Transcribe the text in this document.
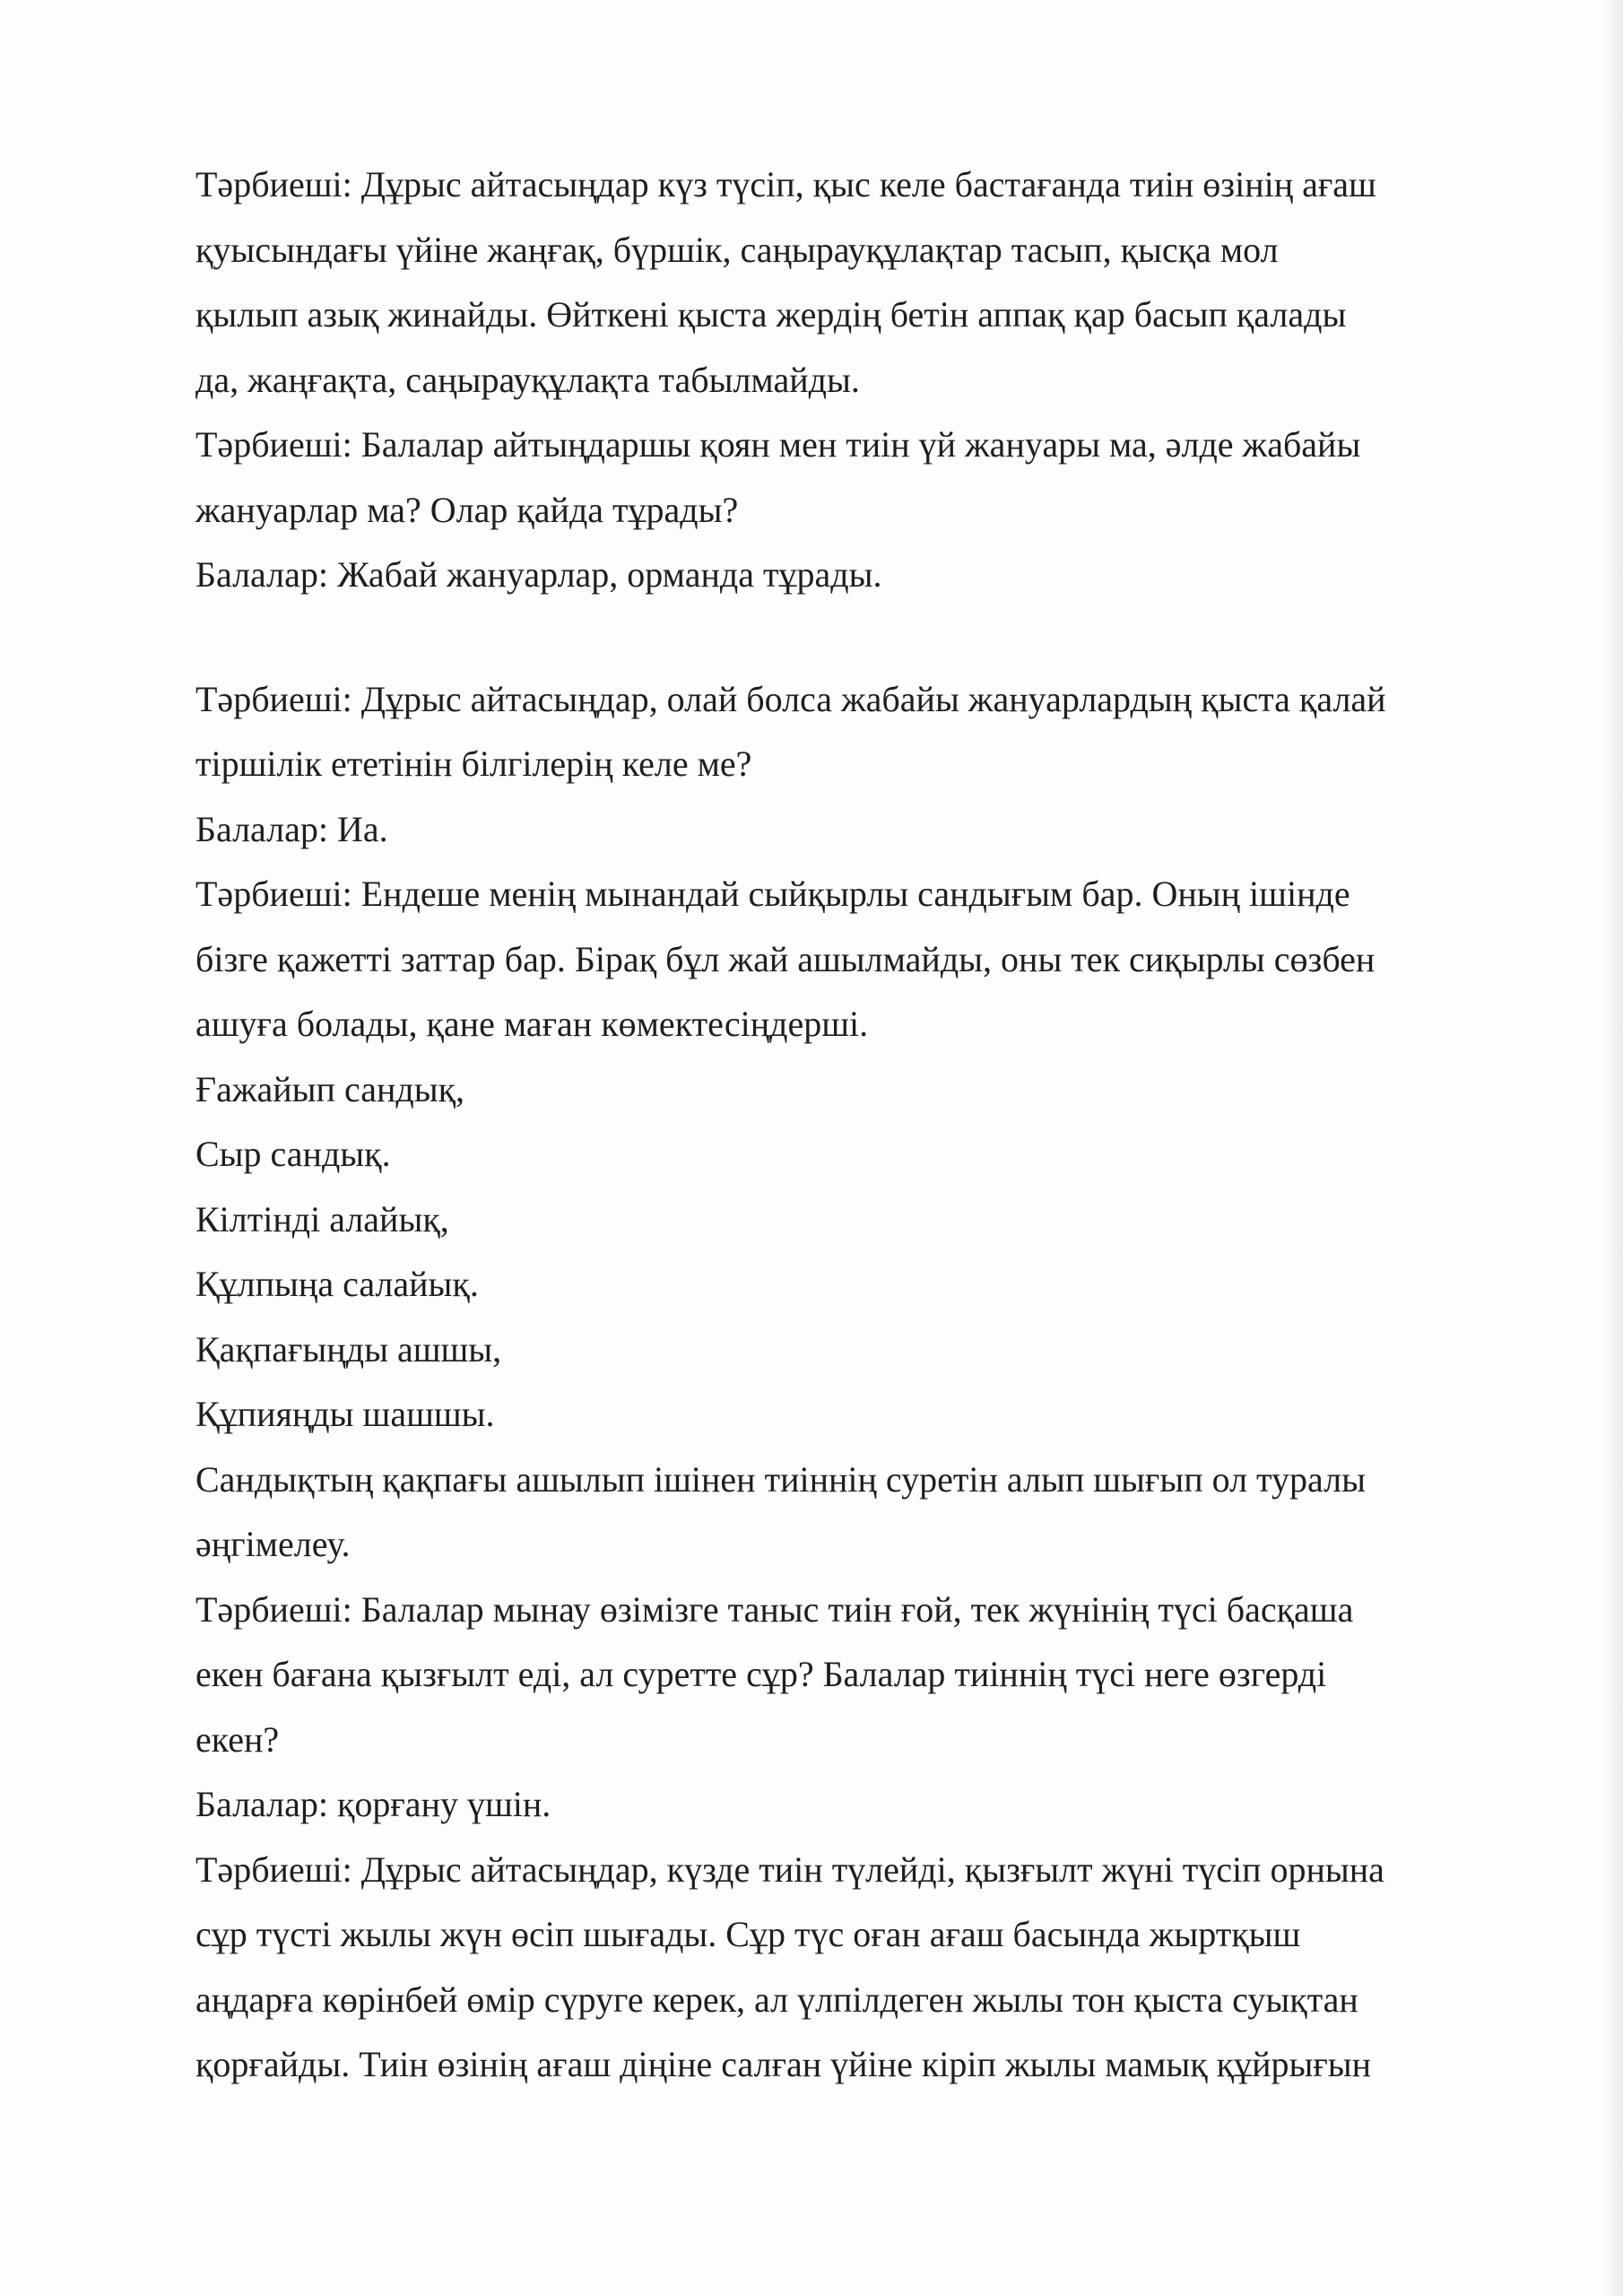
Тәрбиеші: Дұрыс айтасыңдар күз түсіп, қыс келе бастағанда тиін өзінің ағаш
қуысындағы үйіне жаңғақ, бүршік, саңырауқұлақтар тасып, қысқа мол
қылып азық жинайды. Өйткені қыста жердің бетін аппақ қар басып қалады
да, жаңғақта, саңырауқұлақта табылмайды.
Тәрбиеші: Балалар айтыңдаршы қоян мен тиін үй жануары ма, әлде жабайы
жануарлар ма? Олар қайда тұрады?
Балалар: Жабай жануарлар, орманда тұрады.
Тәрбиеші: Дұрыс айтасыңдар, олай болса жабайы жануарлардың қыста қалай
тіршілік ететінін білгілерің келе ме?
Балалар: Иа.
Тәрбиеші: Ендеше менің мынандай сыйқырлы сандығым бар. Оның ішінде
бізге қажетті заттар бар. Бірақ бұл жай ашылмайды, оны тек сиқырлы сөзбен
ашуға болады, қане маған көмектесіңдерші.
Ғажайып сандық,
Сыр сандық.
Кілтінді алайық,
Құлпыңа салайық.
Қақпағыңды ашшы,
Құпияңды шашшы.
Сандықтың қақпағы ашылып ішінен тиіннің суретін алып шығып ол туралы
әңгімелеу.
Тәрбиеші: Балалар мынау өзімізге таныс тиін ғой, тек жүнінің түсі басқаша
екен бағана қызғылт еді, ал суретте сұр? Балалар тиіннің түсі неге өзгерді
екен?
Балалар: қорғану үшін.
Тәрбиеші: Дұрыс айтасыңдар, күзде тиін түлейді, қызғылт жүні түсіп орнына
сұр түсті жылы жүн өсіп шығады. Сұр түс оған ағаш басында жыртқыш
аңдарға көрінбей өмір сүруге керек, ал үлпілдеген жылы тон қыста суықтан
қорғайды. Тиін өзінің ағаш діңіне салған үйіне кіріп жылы мамық құйрығын
